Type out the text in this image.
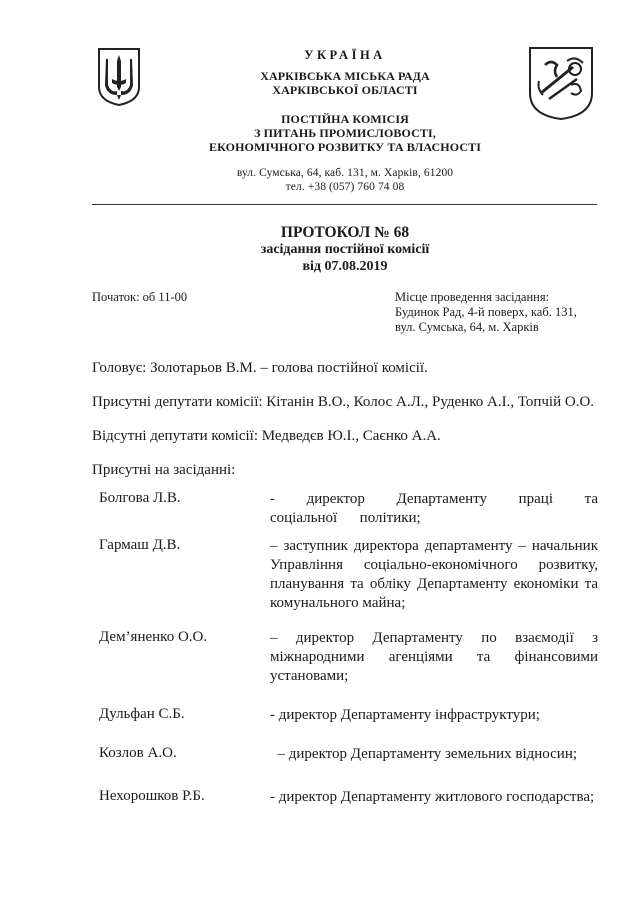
УКРАЇНА
ХАРКІВСЬКА МІСЬКА РАДА
ХАРКІВСЬКОЇ ОБЛАСТІ
ПОСТІЙНА КОМІСІЯ
З ПИТАНЬ ПРОМИСЛОВОСТІ,
ЕКОНОМІЧНОГО РОЗВИТКУ ТА ВЛАСНОСТІ
вул. Сумська, 64, каб. 131, м. Харків, 61200
тел. +38 (057) 760 74 08
ПРОТОКОЛ № 68
засідання постійної комісії
від 07.08.2019
Початок: об 11-00	Місце проведення засідання:
Будинок Рад, 4-й поверх, каб. 131,
вул. Сумська, 64, м. Харків
Головує: Золотарьов В.М. – голова постійної комісії.
Присутні депутати комісії: Кітанін В.О., Колос А.Л., Руденко А.І., Топчій О.О.
Відсутні депутати комісії: Медведєв Ю.І., Саєнко А.А.
Присутні на засіданні:
Болгова Л.В.	- директор Департаменту праці та соціальної      політики;
Гармаш Д.В.	– заступник директора департаменту – начальник Управління соціально-економічного розвитку, планування та обліку Департаменту економіки та комунального майна;
Дем’яненко О.О.	– директор Департаменту по взаємодії з міжнародними агенціями та фінансовими установами;
Дульфан С.Б.	- директор Департаменту інфраструктури;
Козлов А.О.	– директор Департаменту земельних відносин;
Нехорошков Р.Б.	- директор Департаменту житлового господарства;
